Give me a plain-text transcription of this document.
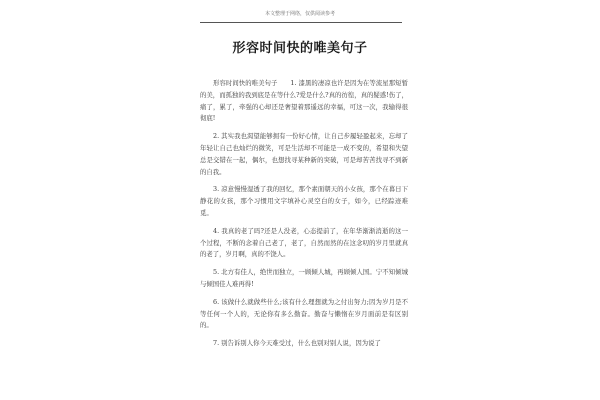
本文整理于网络，仅供阅读参考
形容时间快的唯美句子

形容时间快的唯美句子　　1. 漆黑的凄凉也许是因为在等流星那短暂的美，而孤独的我到底是在等什么?爱是什么?真的彷徨，真的疑惑!伤了，痛了，累了，牵强的心却还是奢望着那遥远的幸福，可这一次，我输得很彻底!

2. 其实我也渴望能够拥有一份好心情，让自己步履轻盈起来，忘却了年轻让自己也灿烂的微笑，可是生活却不可能是一成不变的，希望和失望总是交错在一起，偶尔，也想找寻某种新的突破，可是却苦苦找寻不到新的自我。

3. 凉意慢慢湿透了我的回忆，那个素面朝天的小女孩，那个在暮日下静花的女孩，那个习惯用文字填补心灵空白的女子，如今，已经踪迹难觅。

4. 我真的老了吗?还是人没老，心态提前了，在年华渐渐消逝的这一个过程，不断的念着自己老了，老了，自然而然的在这念叨的岁月里就真的老了，岁月啊，真的不饶人。

5. 北方有佳人，绝世而独立，一顾倾人城，再顾倾人国。宁不知倾城与倾国佳人难再得!

6. 该做什么就做些什么;该有什么理想就为之付出努力;因为岁月是不等任何一个人的，无论你有多么勤奋。勤奋与懒惰在岁月面前是有区别的。

7. 别告诉别人你今天难受过，什么也别对别人说，因为说了
